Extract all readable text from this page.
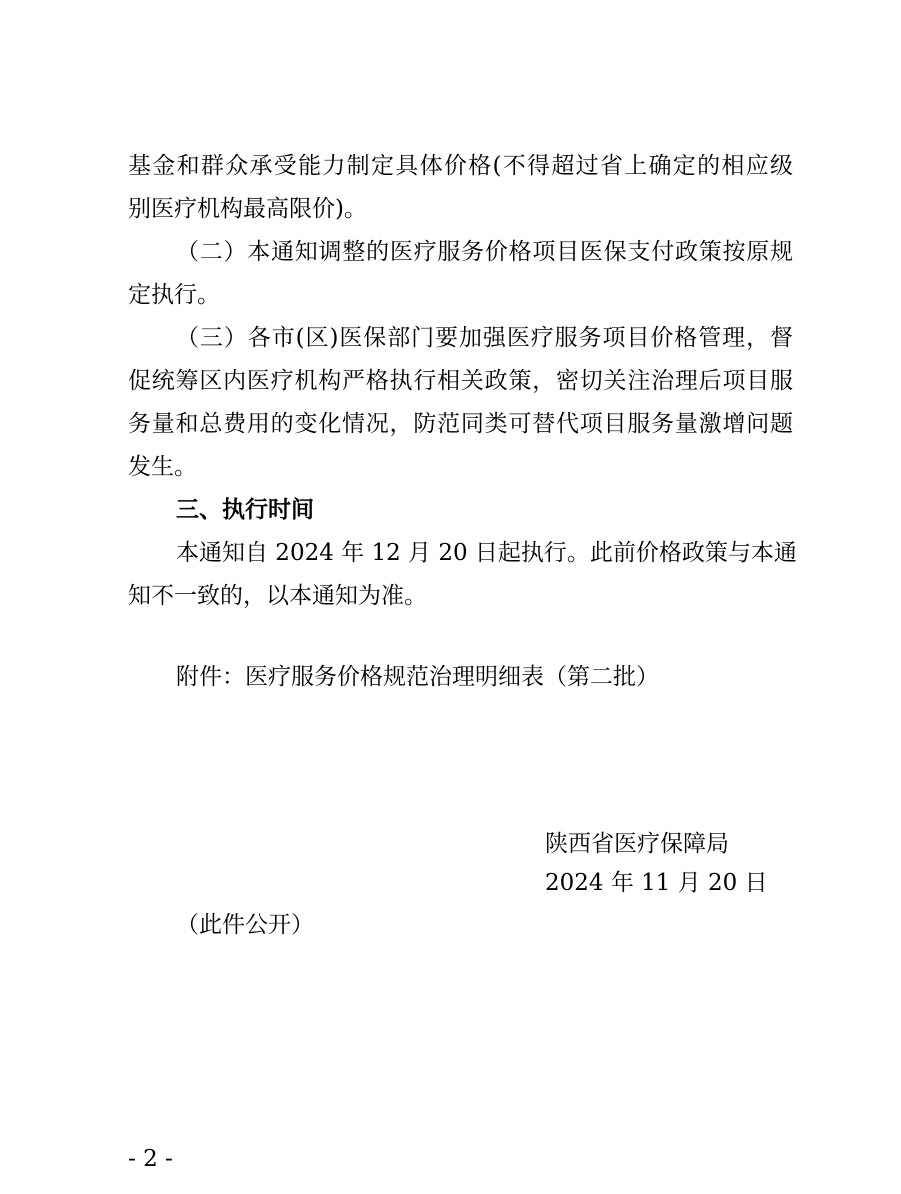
基金和群众承受能力制定具体价格(不得超过省上确定的相应级
别医疗机构最高限价)。
（二）本通知调整的医疗服务价格项目医保支付政策按原规
定执行。
（三）各市(区)医保部门要加强医疗服务项目价格管理，督
促统筹区内医疗机构严格执行相关政策，密切关注治理后项目服
务量和总费用的变化情况，防范同类可替代项目服务量激增问题
发生。
三、执行时间
本通知自 2024 年 12 月 20 日起执行。此前价格政策与本通
知不一致的，以本通知为准。
附件：医疗服务价格规范治理明细表（第二批）
陕西省医疗保障局
2024 年 11 月 20 日
（此件公开）
- 2 -
